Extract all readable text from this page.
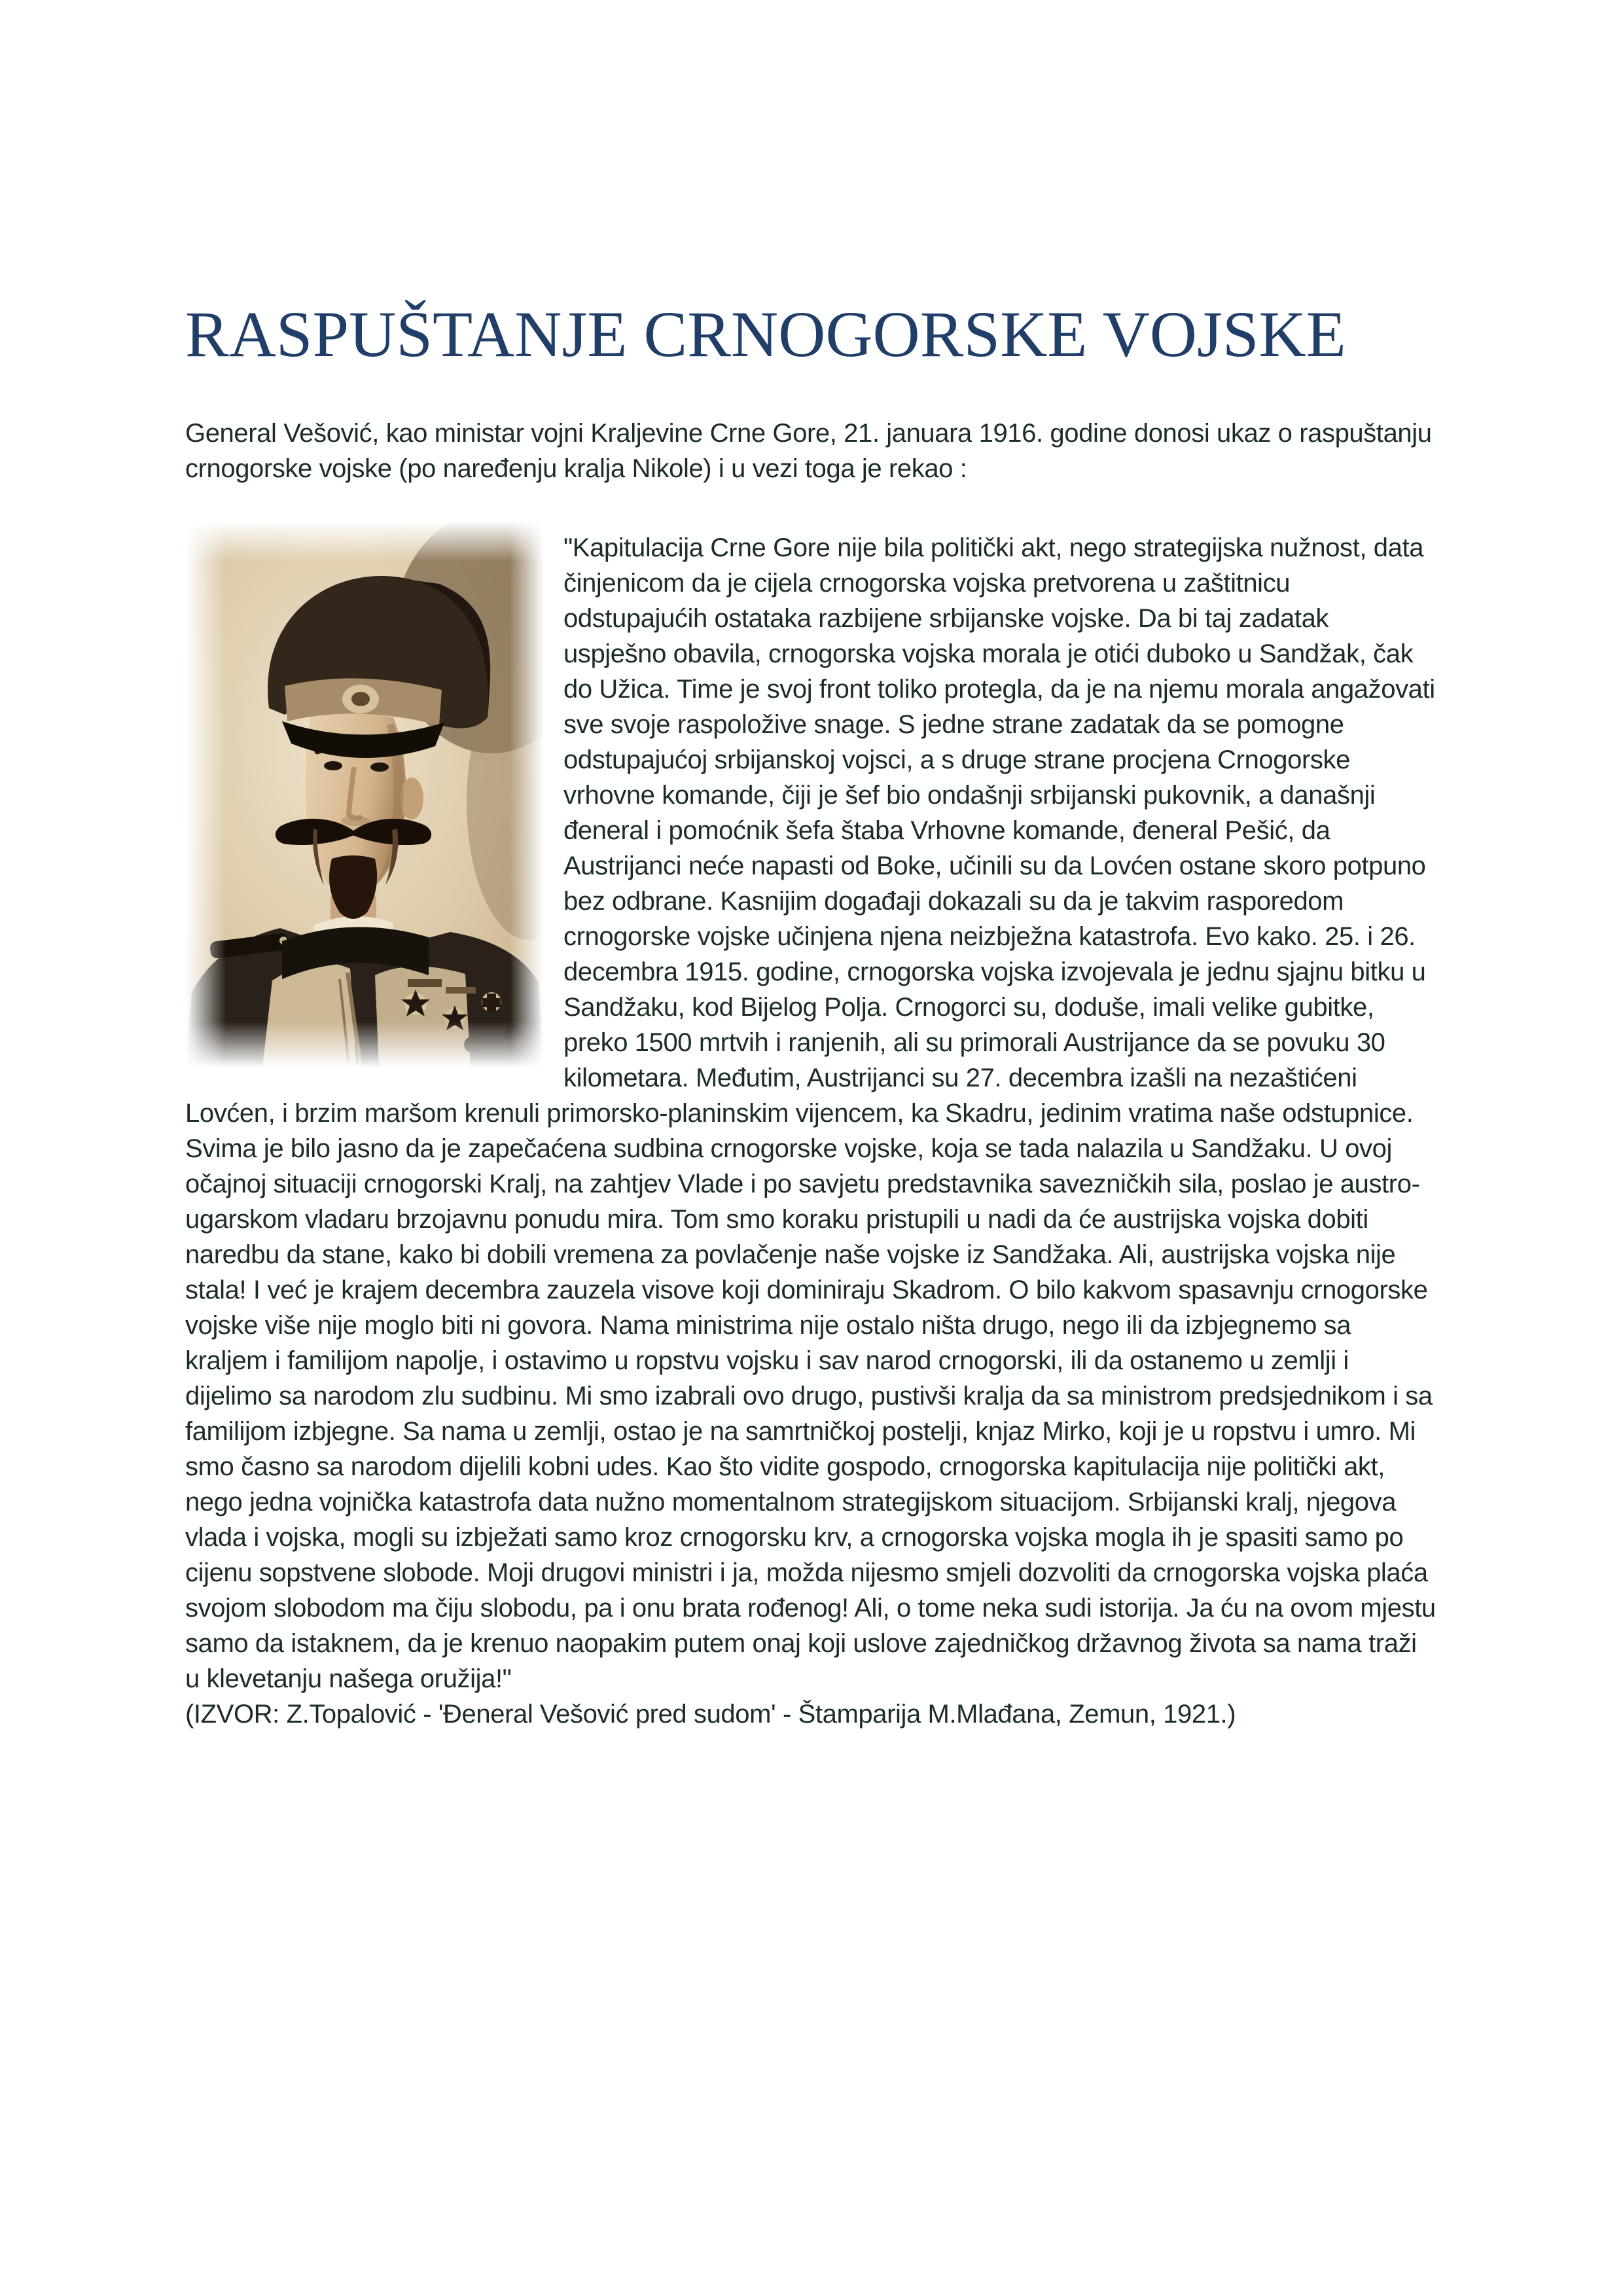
RASPUŠTANJE CRNOGORSKE VOJSKE

General Vešović, kao ministar vojni Kraljevine Crne Gore, 21. januara 1916. godine donosi ukaz o raspuštanju crnogorske vojske (po naređenju kralja Nikole) i u vezi toga je rekao :

"Kapitulacija Crne Gore nije bila politički akt, nego strategijska nužnost, data činjenicom da je cijela crnogorska vojska pretvorena u zaštitnicu odstupajućih ostataka razbijene srbijanske vojske. Da bi taj zadatak uspješno obavila, crnogorska vojska morala je otići duboko u Sandžak, čak do Užica. Time je svoj front toliko protegla, da je na njemu morala angažovati sve svoje raspoložive snage. S jedne strane zadatak da se pomogne odstupajućoj srbijanskoj vojsci, a s druge strane procjena Crnogorske vrhovne komande, čiji je šef bio ondašnji srbijanski pukovnik, a današnji đeneral i pomoćnik šefa štaba Vrhovne komande, đeneral Pešić, da Austrijanci neće napasti od Boke, učinili su da Lovćen ostane skoro potpuno bez odbrane. Kasnijim događaji dokazali su da je takvim rasporedom crnogorske vojske učinjena njena neizbježna katastrofa. Evo kako. 25. i 26. decembra 1915. godine, crnogorska vojska izvojevala je jednu sjajnu bitku u Sandžaku, kod Bijelog Polja. Crnogorci su, doduše, imali velike gubitke, preko 1500 mrtvih i ranjenih, ali su primorali Austrijance da se povuku 30 kilometara. Međutim, Austrijanci su 27. decembra izašli na nezaštićeni Lovćen, i brzim maršom krenuli primorsko-planinskim vijencem, ka Skadru, jedinim vratima naše odstupnice. Svima je bilo jasno da je zapečaćena sudbina crnogorske vojske, koja se tada nalazila u Sandžaku. U ovoj očajnoj situaciji crnogorski Kralj, na zahtjev Vlade i po savjetu predstavnika savezničkih sila, poslao je austro-ugarskom vladaru brzojavnu ponudu mira. Tom smo koraku pristupili u nadi da će austrijska vojska dobiti naredbu da stane, kako bi dobili vremena za povlačenje naše vojske iz Sandžaka. Ali, austrijska vojska nije stala! I već je krajem decembra zauzela visove koji dominiraju Skadrom. O bilo kakvom spasavnju crnogorske vojske više nije moglo biti ni govora. Nama ministrima nije ostalo ništa drugo, nego ili da izbjegnemo sa kraljem i familijom napolje, i ostavimo u ropstvu vojsku i sav narod crnogorski, ili da ostanemo u zemlji i dijelimo sa narodom zlu sudbinu. Mi smo izabrali ovo drugo, pustivši kralja da sa ministrom predsjednikom i sa familijom izbjegne. Sa nama u zemlji, ostao je na samrtničkoj postelji, knjaz Mirko, koji je u ropstvu i umro. Mi smo časno sa narodom dijelili kobni udes. Kao što vidite gospodo, crnogorska kapitulacija nije politički akt, nego jedna vojnička katastrofa data nužno momentalnom strategijskom situacijom. Srbijanski kralj, njegova vlada i vojska, mogli su izbježati samo kroz crnogorsku krv, a crnogorska vojska mogla ih je spasiti samo po cijenu sopstvene slobode. Moji drugovi ministri i ja, možda nijesmo smjeli dozvoliti da crnogorska vojska plaća svojom slobodom ma čiju slobodu, pa i onu brata rođenog! Ali, o tome neka sudi istorija. Ja ću na ovom mjestu samo da istaknem, da je krenuo naopakim putem onaj koji uslove zajedničkog državnog života sa nama traži u klevetanju našega oružija!"

(IZVOR: Z.Topalović - 'Đeneral Vešović pred sudom' - Štamparija M.Mlađana, Zemun, 1921.)
